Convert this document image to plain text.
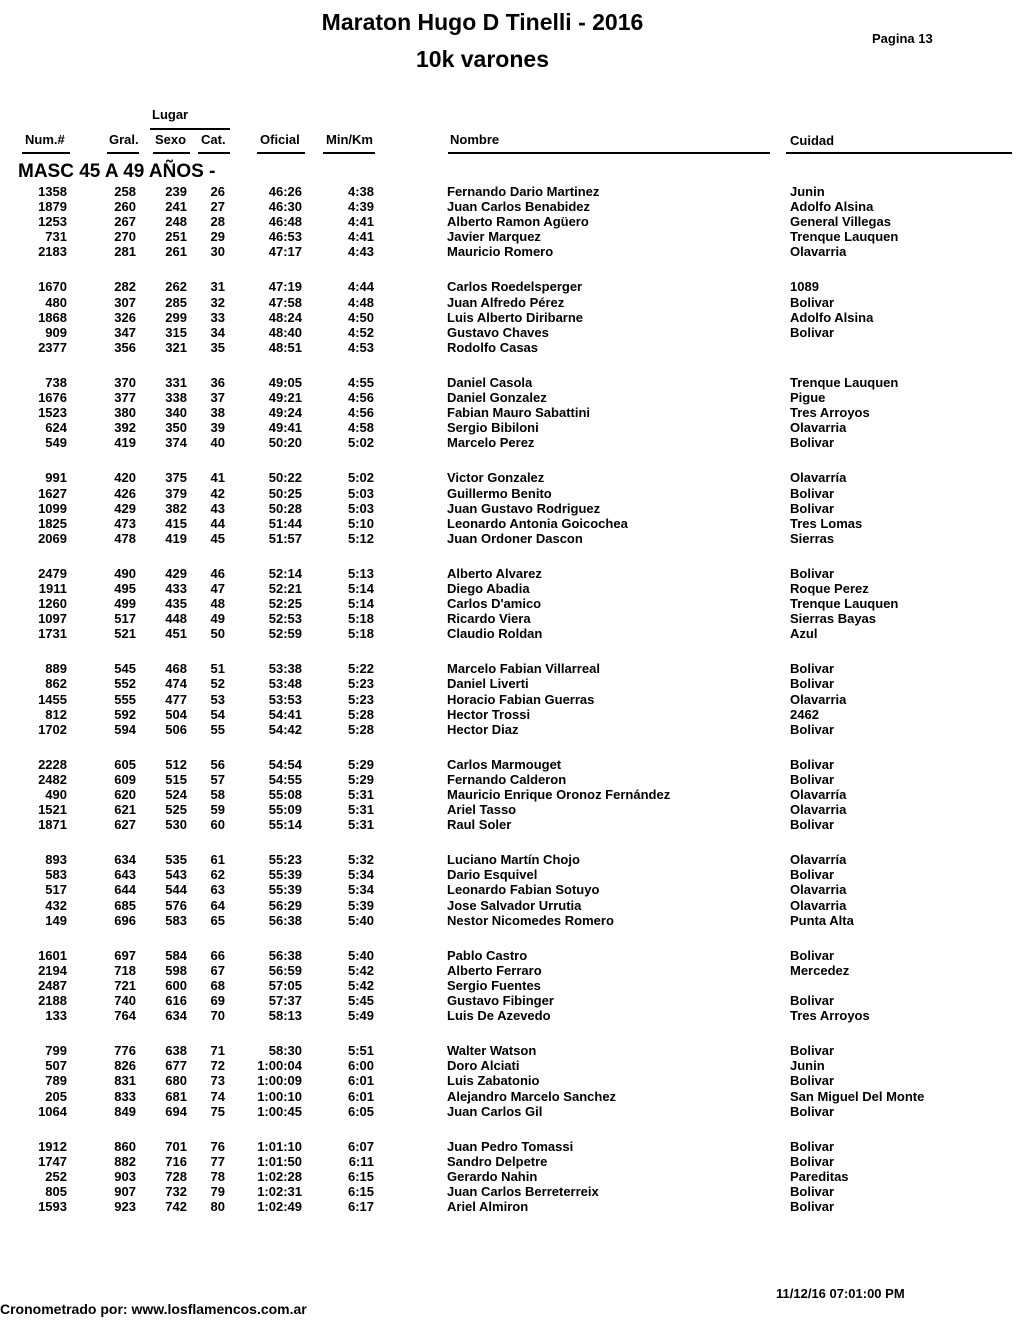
Maraton Hugo D Tinelli - 2016
10k varones
Pagina 13
Lugar
Num.#	Gral. Sexo Cat.	Oficial Min/Km	Nombre	Cuidad
MASC 45 A 49 AÑOS -
1358	258	239	26	46:26	4:38	Fernando Dario Martinez	Junin
1879	260	241	27	46:30	4:39	Juan Carlos Benabidez	Adolfo Alsina
1253	267	248	28	46:48	4:41	Alberto Ramon Agüero	General Villegas
731	270	251	29	46:53	4:41	Javier Marquez	Trenque Lauquen
2183	281	261	30	47:17	4:43	Mauricio Romero	Olavarria
1670	282	262	31	47:19	4:44	Carlos Roedelsperger	1089
480	307	285	32	47:58	4:48	Juan Alfredo Pérez	Bolivar
1868	326	299	33	48:24	4:50	Luis Alberto Diribarne	Adolfo Alsina
909	347	315	34	48:40	4:52	Gustavo Chaves	Bolivar
2377	356	321	35	48:51	4:53	Rodolfo Casas
738	370	331	36	49:05	4:55	Daniel Casola	Trenque Lauquen
1676	377	338	37	49:21	4:56	Daniel Gonzalez	Pigue
1523	380	340	38	49:24	4:56	Fabian Mauro Sabattini	Tres Arroyos
624	392	350	39	49:41	4:58	Sergio Bibiloni	Olavarria
549	419	374	40	50:20	5:02	Marcelo Perez	Bolivar
991	420	375	41	50:22	5:02	Victor Gonzalez	Olavarría
1627	426	379	42	50:25	5:03	Guillermo Benito	Bolivar
1099	429	382	43	50:28	5:03	Juan Gustavo Rodriguez	Bolivar
1825	473	415	44	51:44	5:10	Leonardo Antonia Goicochea	Tres Lomas
2069	478	419	45	51:57	5:12	Juan Ordoner Dascon	Sierras
2479	490	429	46	52:14	5:13	Alberto Alvarez	Bolivar
1911	495	433	47	52:21	5:14	Diego Abadia	Roque Perez
1260	499	435	48	52:25	5:14	Carlos D'amico	Trenque Lauquen
1097	517	448	49	52:53	5:18	Ricardo Viera	Sierras Bayas
1731	521	451	50	52:59	5:18	Claudio Roldan	Azul
889	545	468	51	53:38	5:22	Marcelo Fabian Villarreal	Bolivar
862	552	474	52	53:48	5:23	Daniel Liverti	Bolivar
1455	555	477	53	53:53	5:23	Horacio Fabian Guerras	Olavarria
812	592	504	54	54:41	5:28	Hector Trossi	2462
1702	594	506	55	54:42	5:28	Hector Diaz	Bolivar
2228	605	512	56	54:54	5:29	Carlos Marmouget	Bolivar
2482	609	515	57	54:55	5:29	Fernando Calderon	Bolivar
490	620	524	58	55:08	5:31	Mauricio Enrique Oronoz Fernández	Olavarría
1521	621	525	59	55:09	5:31	Ariel Tasso	Olavarria
1871	627	530	60	55:14	5:31	Raul Soler	Bolivar
893	634	535	61	55:23	5:32	Luciano Martín Chojo	Olavarría
583	643	543	62	55:39	5:34	Dario Esquivel	Bolivar
517	644	544	63	55:39	5:34	Leonardo Fabian Sotuyo	Olavarria
432	685	576	64	56:29	5:39	Jose Salvador Urrutia	Olavarria
149	696	583	65	56:38	5:40	Nestor Nicomedes Romero	Punta Alta
1601	697	584	66	56:38	5:40	Pablo Castro	Bolivar
2194	718	598	67	56:59	5:42	Alberto Ferraro	Mercedez
2487	721	600	68	57:05	5:42	Sergio Fuentes
2188	740	616	69	57:37	5:45	Gustavo Fibinger	Bolivar
133	764	634	70	58:13	5:49	Luis De Azevedo	Tres Arroyos
799	776	638	71	58:30	5:51	Walter Watson	Bolivar
507	826	677	72	1:00:04	6:00	Doro Alciati	Junin
789	831	680	73	1:00:09	6:01	Luis Zabatonio	Bolivar
205	833	681	74	1:00:10	6:01	Alejandro Marcelo Sanchez	San Miguel Del Monte
1064	849	694	75	1:00:45	6:05	Juan Carlos Gil	Bolivar
1912	860	701	76	1:01:10	6:07	Juan Pedro Tomassi	Bolivar
1747	882	716	77	1:01:50	6:11	Sandro Delpetre	Bolivar
252	903	728	78	1:02:28	6:15	Gerardo Nahin	Pareditas
805	907	732	79	1:02:31	6:15	Juan Carlos Berreterreix	Bolivar
1593	923	742	80	1:02:49	6:17	Ariel Almiron	Bolivar
Cronometrado por: www.losflamencos.com.ar
11/12/16 07:01:00 PM
